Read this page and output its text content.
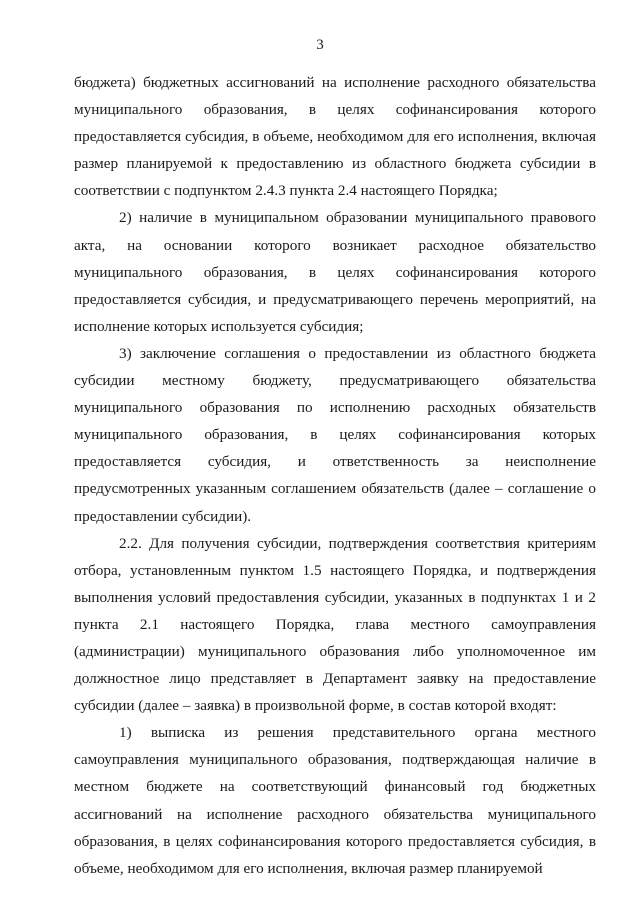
3

бюджета) бюджетных ассигнований на исполнение расходного обязательства муниципального образования, в целях софинансирования которого предоставляется субсидия, в объеме, необходимом для его исполнения, включая размер планируемой к предоставлению из областного бюджета субсидии в соответствии с подпунктом 2.4.3 пункта 2.4 настоящего Порядка;

2) наличие в муниципальном образовании муниципального правового акта, на основании которого возникает расходное обязательство муниципального образования, в целях софинансирования которого предоставляется субсидия, и предусматривающего перечень мероприятий, на исполнение которых используется субсидия;

3) заключение соглашения о предоставлении из областного бюджета субсидии местному бюджету, предусматривающего обязательства муниципального образования по исполнению расходных обязательств муниципального образования, в целях софинансирования которых предоставляется субсидия, и ответственность за неисполнение предусмотренных указанным соглашением обязательств (далее – соглашение о предоставлении субсидии).

2.2. Для получения субсидии, подтверждения соответствия критериям отбора, установленным пунктом 1.5 настоящего Порядка, и подтверждения выполнения условий предоставления субсидии, указанных в подпунктах 1 и 2 пункта 2.1 настоящего Порядка, глава местного самоуправления (администрации) муниципального образования либо уполномоченное им должностное лицо представляет в Департамент заявку на предоставление субсидии (далее – заявка) в произвольной форме, в состав которой входят:

1) выписка из решения представительного органа местного самоуправления муниципального образования, подтверждающая наличие в местном бюджете на соответствующий финансовый год бюджетных ассигнований на исполнение расходного обязательства муниципального образования, в целях софинансирования которого предоставляется субсидия, в объеме, необходимом для его исполнения, включая размер планируемой
